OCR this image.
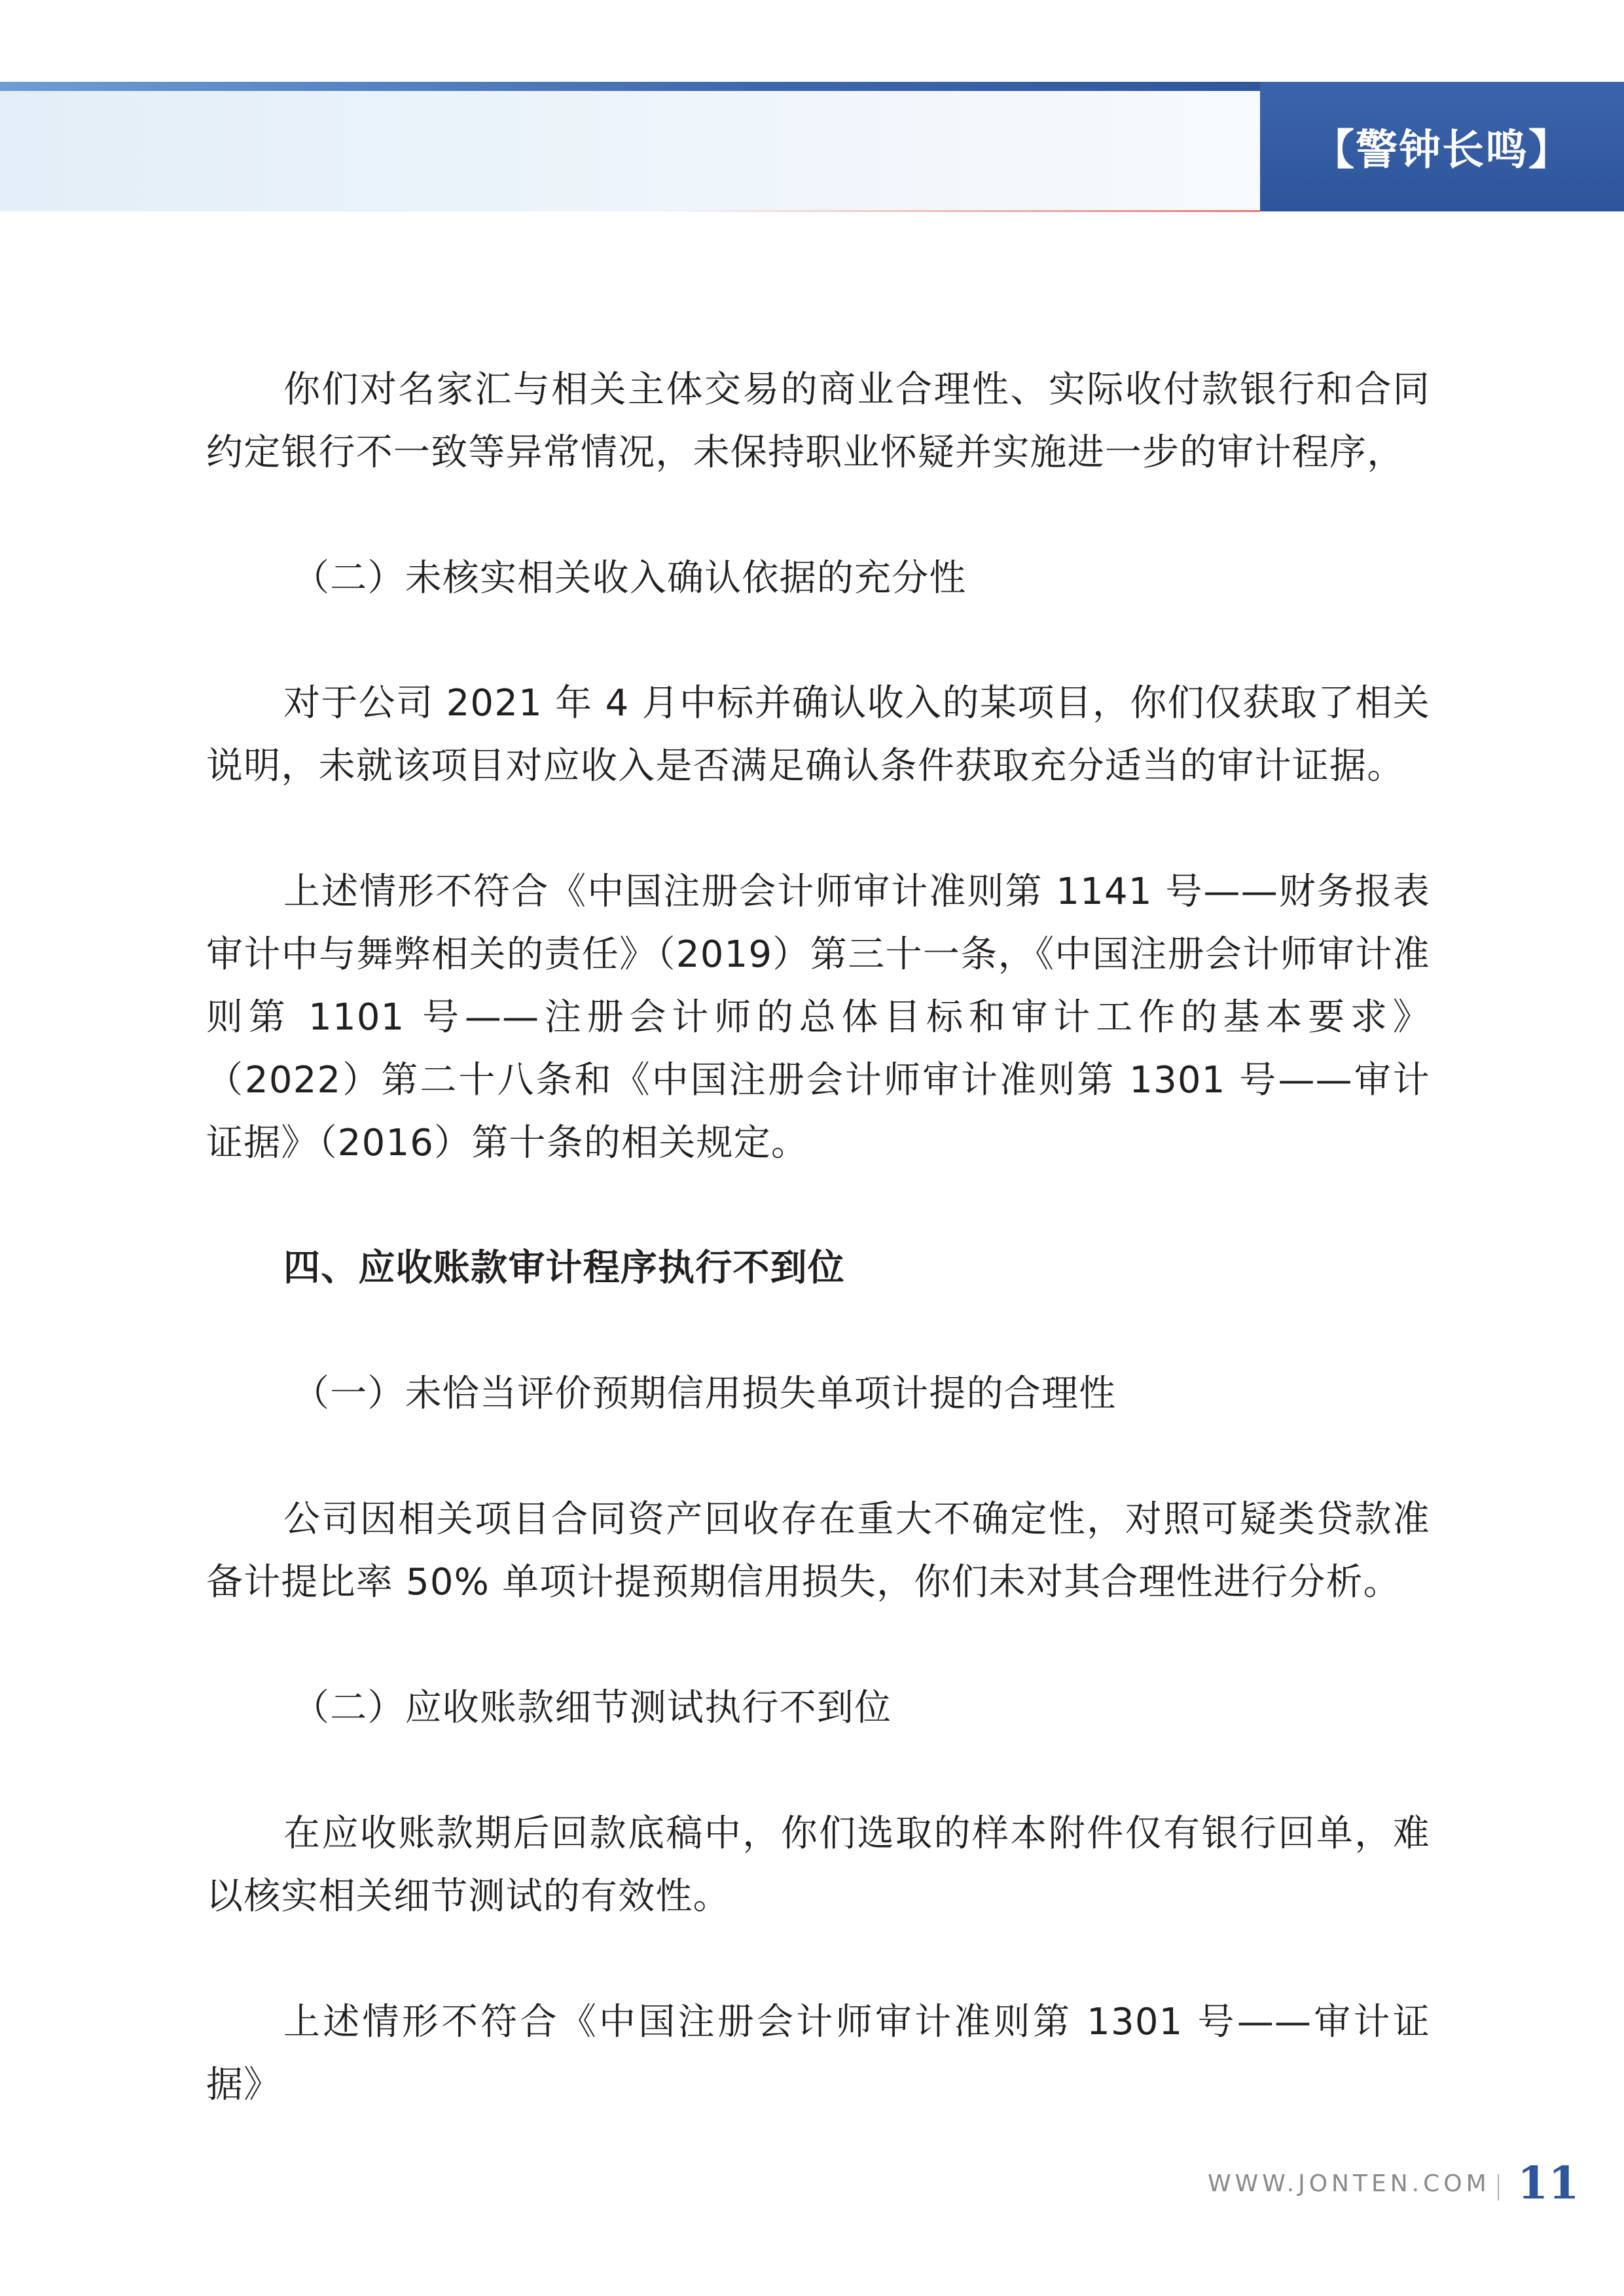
【警钟长鸣】

你们对名家汇与相关主体交易的商业合理性、实际收付款银行和合同约定银行不一致等异常情况，未保持职业怀疑并实施进一步的审计程序，

（二）未核实相关收入确认依据的充分性

对于公司 2021 年 4 月中标并确认收入的某项目，你们仅获取了相关说明，未就该项目对应收入是否满足确认条件获取充分适当的审计证据。

上述情形不符合《中国注册会计师审计准则第 1141 号——财务报表审计中与舞弊相关的责任》（2019）第三十一条，《中国注册会计师审计准则第 1101 号——注册会计师的总体目标和审计工作的基本要求》（2022）第二十八条和《中国注册会计师审计准则第 1301 号——审计证据》（2016）第十条的相关规定。

四、应收账款审计程序执行不到位

（一）未恰当评价预期信用损失单项计提的合理性

公司因相关项目合同资产回收存在重大不确定性，对照可疑类贷款准备计提比率 50% 单项计提预期信用损失，你们未对其合理性进行分析。

（二）应收账款细节测试执行不到位

在应收账款期后回款底稿中，你们选取的样本附件仅有银行回单，难以核实相关细节测试的有效性。

上述情形不符合《中国注册会计师审计准则第 1301 号——审计证据》

WWW.JONTEN.COM 11
